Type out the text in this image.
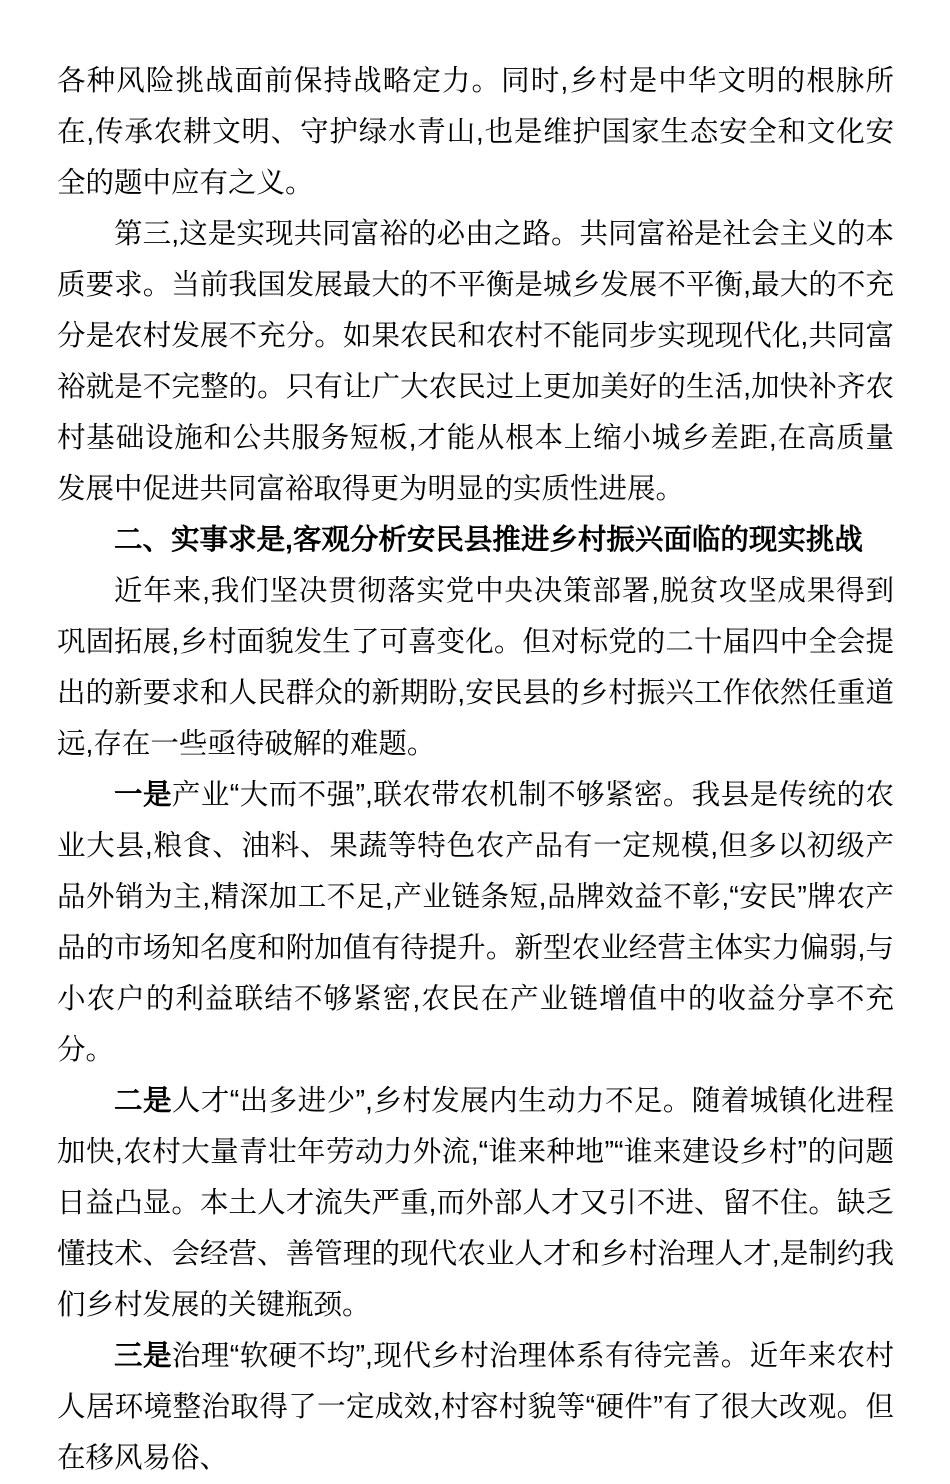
各种风险挑战面前保持战略定力。同时,乡村是中华文明的根脉所在,传承农耕文明、守护绿水青山,也是维护国家生态安全和文化安全的题中应有之义。

第三,这是实现共同富裕的必由之路。共同富裕是社会主义的本质要求。当前我国发展最大的不平衡是城乡发展不平衡,最大的不充分是农村发展不充分。如果农民和农村不能同步实现现代化,共同富裕就是不完整的。只有让广大农民过上更加美好的生活,加快补齐农村基础设施和公共服务短板,才能从根本上缩小城乡差距,在高质量发展中促进共同富裕取得更为明显的实质性进展。

二、实事求是,客观分析安民县推进乡村振兴面临的现实挑战

近年来,我们坚决贯彻落实党中央决策部署,脱贫攻坚成果得到巩固拓展,乡村面貌发生了可喜变化。但对标党的二十届四中全会提出的新要求和人民群众的新期盼,安民县的乡村振兴工作依然任重道远,存在一些亟待破解的难题。

一是产业“大而不强”,联农带农机制不够紧密。我县是传统的农业大县,粮食、油料、果蔬等特色农产品有一定规模,但多以初级产品外销为主,精深加工不足,产业链条短,品牌效益不彰,“安民”牌农产品的市场知名度和附加值有待提升。新型农业经营主体实力偏弱,与小农户的利益联结不够紧密,农民在产业链增值中的收益分享不充分。

二是人才“出多进少”,乡村发展内生动力不足。随着城镇化进程加快,农村大量青壮年劳动力外流,“谁来种地”“谁来建设乡村”的问题日益凸显。本土人才流失严重,而外部人才又引不进、留不住。缺乏懂技术、会经营、善管理的现代农业人才和乡村治理人才,是制约我们乡村发展的关键瓶颈。

三是治理“软硬不均”,现代乡村治理体系有待完善。近年来农村人居环境整治取得了一定成效,村容村貌等“硬件”有了很大改观。但在移风易俗、
